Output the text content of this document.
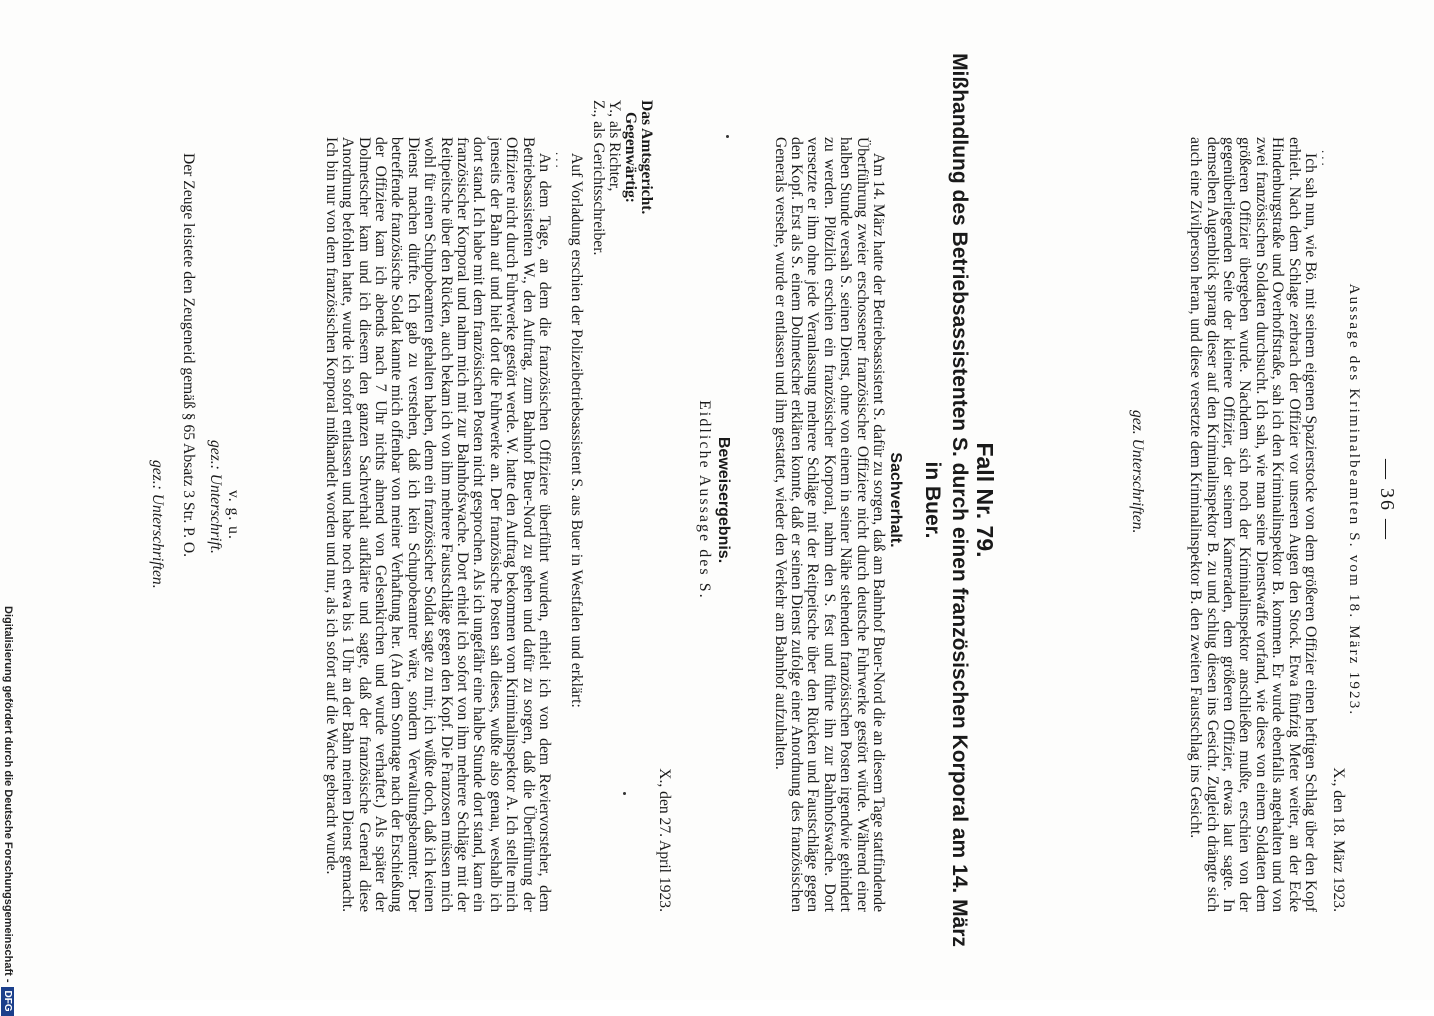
— 36 —

Aussage des Kriminalbeamten S. vom 18. März 1923.

X., den 18. März 1923.

...

Ich sah nun, wie Bö. mit seinem eigenen Spazierstocke von dem größeren Offizier einen heftigen Schlag über den Kopf erhielt. Nach dem Schlage zerbrach der Offizier vor unseren Augen den Stock. Etwa fünfzig Meter weiter, an der Ecke Hindenburgstraße und Overhoffstraße, sah ich den Kriminalinspektor B. kommen. Er wurde ebenfalls angehalten und von zwei französischen Soldaten durchsucht. Ich sah, wie man seine Dienstwaffe vorfand, wie diese von einem Soldaten dem größeren Offizier übergeben wurde. Nachdem sich noch der Kriminalinspektor anschließen mußte, erschien von der gegenüberliegenden Seite der kleinere Offizier, der seinem Kameraden, dem größeren Offizier, etwas laut sagte. In demselben Augenblick sprang dieser auf den Kriminalinspektor B. zu und schlug diesen ins Gesicht. Zugleich drängte sich auch eine Zivilperson heran, und diese versetzte dem Kriminalinspektor B. den zweiten Faustschlag ins Gesicht.

gez. Unterschriften.

Fall Nr. 79.

Mißhandlung des Betriebsassistenten S. durch einen französischen Korporal am 14. März

in Buer.

Sachverhalt.

Am 14. März hatte der Betriebsassistent S. dafür zu sorgen, daß am Bahnhof Buer-Nord die an diesem Tage stattfindende Überführung zweier erschossener französischer Offiziere nicht durch deutsche Fuhrwerke gestört würde. Während einer halben Stunde versah S. seinen Dienst, ohne von einem in seiner Nähe stehenden französischen Posten irgendwie gehindert zu werden. Plötzlich erschien ein französischer Korporal, nahm den S. fest und führte ihn zur Bahnhofswache. Dort versetzte er ihm ohne jede Veranlassung mehrere Schläge mit der Reitpeitsche über den Rücken und Faustschläge gegen den Kopf. Erst als S. einem Dolmetscher erklären konnte, daß er seinen Dienst zufolge einer Anordnung des französischen Generals versehe, wurde er entlassen und ihm gestattet, wieder den Verkehr am Bahnhof aufzuhalten.

Beweisergebnis.

Eidliche Aussage des S.

X., den 27. April 1923.

Das Amtsgericht.

Gegenwärtig:

Y., als Richter,

Z., als Gerichtsschreiber.

Auf Vorladung erschien der Polizeibetriebsassistent S. aus Buer in Westfalen und erklärt:

...

An dem Tage, an dem die französischen Offiziere überführt wurden, erhielt ich von dem Reviervorsteher, dem Betriebsassistenten W., den Auftrag, zum Bahnhof Buer-Nord zu gehen und dafür zu sorgen, daß die Überführung der Offiziere nicht durch Fuhrwerke gestört werde. W. hatte den Auftrag bekommen vom Kriminalinspektor A. Ich stellte mich jenseits der Bahn auf und hielt dort die Fuhrwerke an. Der französische Posten sah dieses, wußte also genau, weshalb ich dort stand. Ich habe mit dem französischen Posten nicht gesprochen. Als ich ungefähr eine halbe Stunde dort stand, kam ein französischer Korporal und nahm mich mit zur Bahnhofswache. Dort erhielt ich sofort von ihm mehrere Schläge mit der Reitpeitsche über den Rücken, auch bekam ich von ihm mehrere Faustschläge gegen den Kopf. Die Franzosen müssen mich wohl für einen Schupobeamten gehalten haben, denn ein französischer Soldat sagte zu mir, ich wüßte doch, daß ich keinen Dienst machen dürfte. Ich gab zu verstehen, daß ich kein Schupobeamter wäre, sondern Verwaltungsbeamter. Der betreffende französische Soldat kannte mich offenbar von meiner Verhaftung her. (An dem Sonntage nach der Erschießung der Offiziere kam ich abends nach 7 Uhr nichts ahnend von Gelsenkirchen und wurde verhaftet.) Als später der Dolmetscher kam und ich diesem den ganzen Sachverhalt aufklärte und sagte, daß der französische General diese Anordnung befohlen hatte, wurde ich sofort entlassen und habe noch etwa bis 1 Uhr an der Bahn meinen Dienst gemacht. Ich bin nur von dem französischen Korporal mißhandelt worden und nur, als ich sofort auf die Wache gebracht wurde.

v. g. u.
gez.: Unterschrift.

Der Zeuge leistete den Zeugeneid gemäß § 65 Absatz 3 Str. P. O.

gez.: Unterschriften.
Digitalisierung gefördert durch die Deutsche Forschungsgemeinschaft -DFG
